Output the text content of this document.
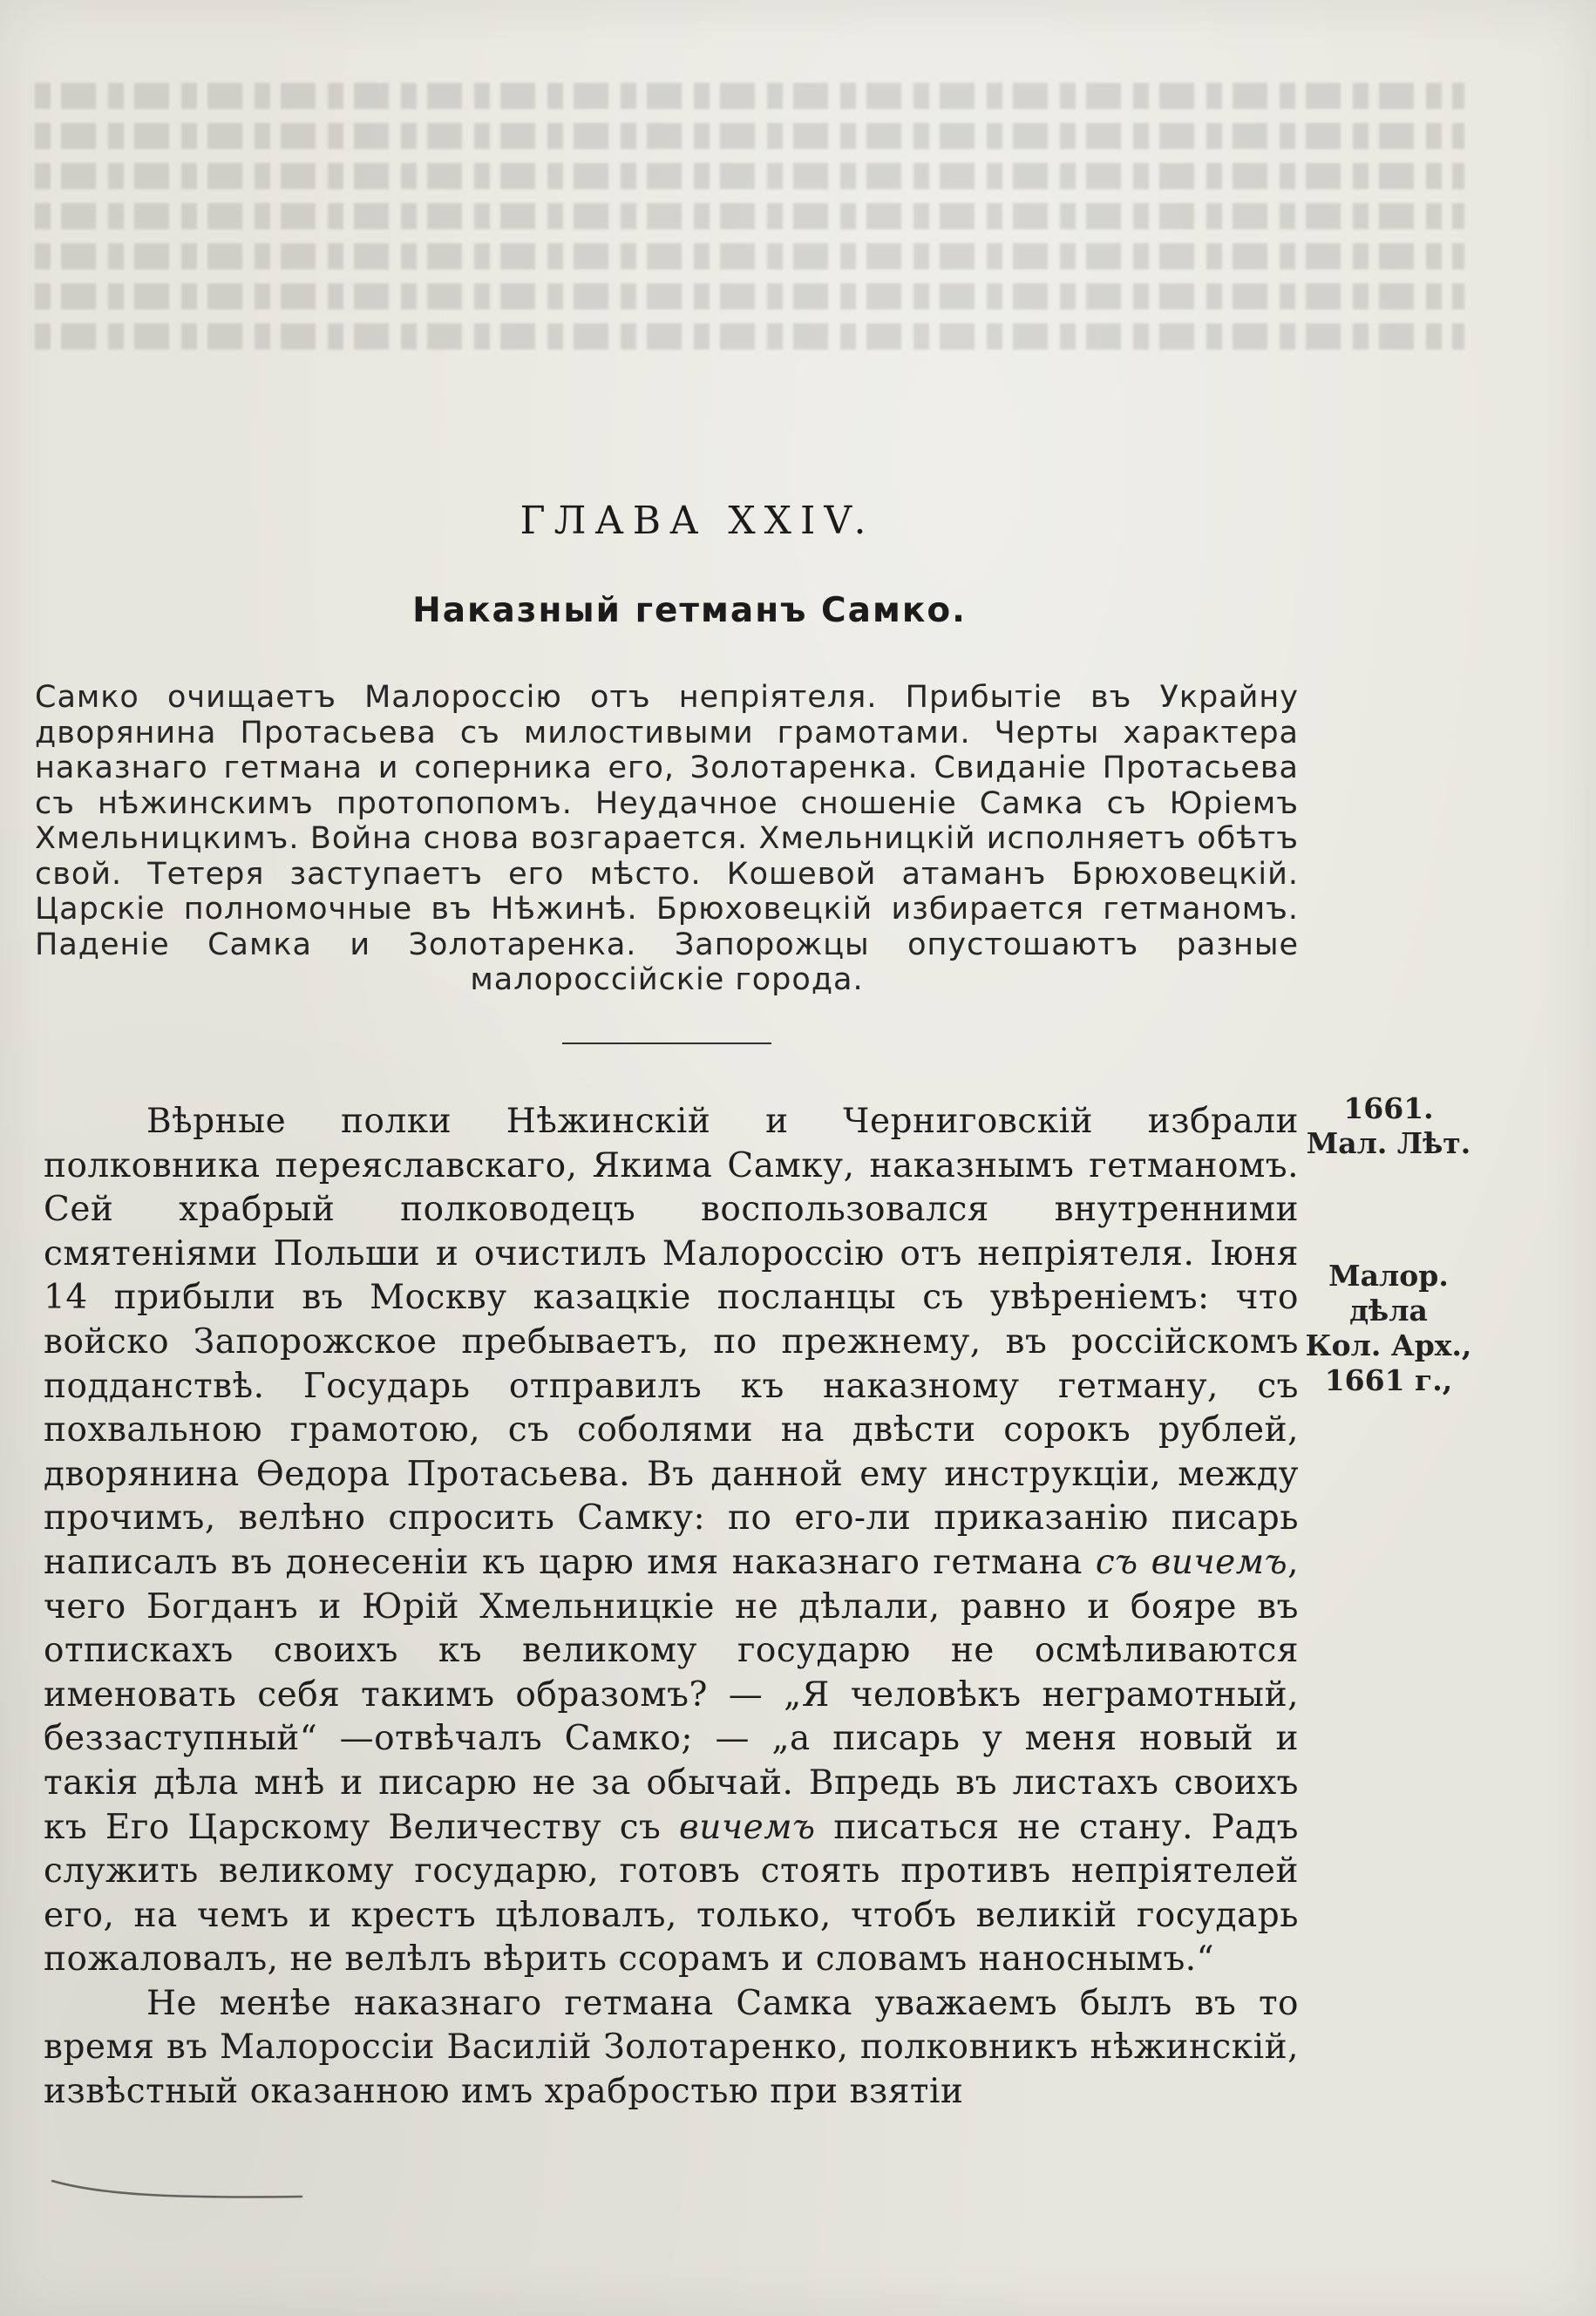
ГЛАВА XXIV.
Наказный гетманъ Самко.
Самко очищаетъ Малороссію отъ непріятеля. Прибытіе въ Украйну дворянина Протасьева съ милостивыми грамотами. Черты характера наказнаго гетмана и соперника его, Золотаренка. Свиданіе Протасьева съ нѣжинскимъ протопопомъ. Неудачное сношеніе Самка съ Юріемъ Хмельницкимъ. Война снова возгарается. Хмельницкій исполняетъ обѣтъ свой. Тетеря заступаетъ его мѣсто. Кошевой атаманъ Брюховецкій. Царскіе полномочные въ Нѣжинѣ. Брюховецкій избирается гетманомъ. Паденіе Самка и Золотаренка. Запорожцы опустошаютъ разные малороссійскіе города.

Вѣрные полки Нѣжинскій и Черниговскій избрали полковника переяславскаго, Якима Самку, наказнымъ гетманомъ. Сей храбрый полководецъ воспользовался внутренними смятеніями Польши и очистилъ Малороссію отъ непріятеля. Іюня 14 прибыли въ Москву казацкіе посланцы съ увѣреніемъ: что войско Запорожское пребываетъ, по прежнему, въ россійскомъ подданствѣ. Государь отправилъ къ наказному гетману, съ похвальною грамотою, съ соболями на двѣсти сорокъ рублей, дворянина Ѳедора Протасьева. Въ данной ему инструкціи, между прочимъ, велѣно спросить Самку: по его-ли приказанію писарь написалъ въ донесеніи къ царю имя наказнаго гетмана съ вичемъ, чего Богданъ и Юрій Хмельницкіе не дѣлали, равно и бояре въ отпискахъ своихъ къ великому государю не осмѣливаются именовать себя такимъ образомъ? — „Я человѣкъ неграмотный, беззаступный“ —отвѣчалъ Самко; — „а писарь у меня новый и такія дѣла мнѣ и писарю не за обычай. Впредь въ листахъ своихъ къ Его Царскому Величеству съ вичемъ писаться не стану. Радъ служить великому государю, готовъ стоять противъ непріятелей его, на чемъ и крестъ цѣловалъ, только, чтобъ великій государь пожаловалъ, не велѣлъ вѣрить ссорамъ и словамъ наноснымъ.“

Не менѣе наказнаго гетмана Самка уважаемъ былъ въ то время въ Малороссіи Василій Золотаренко, полковникъ нѣжинскій, извѣстный оказанною имъ храбростью при взятіи

1661.
Мал. Лѣт.
Малор.
дѣла
Кол. Арх.,
1661 г.,
